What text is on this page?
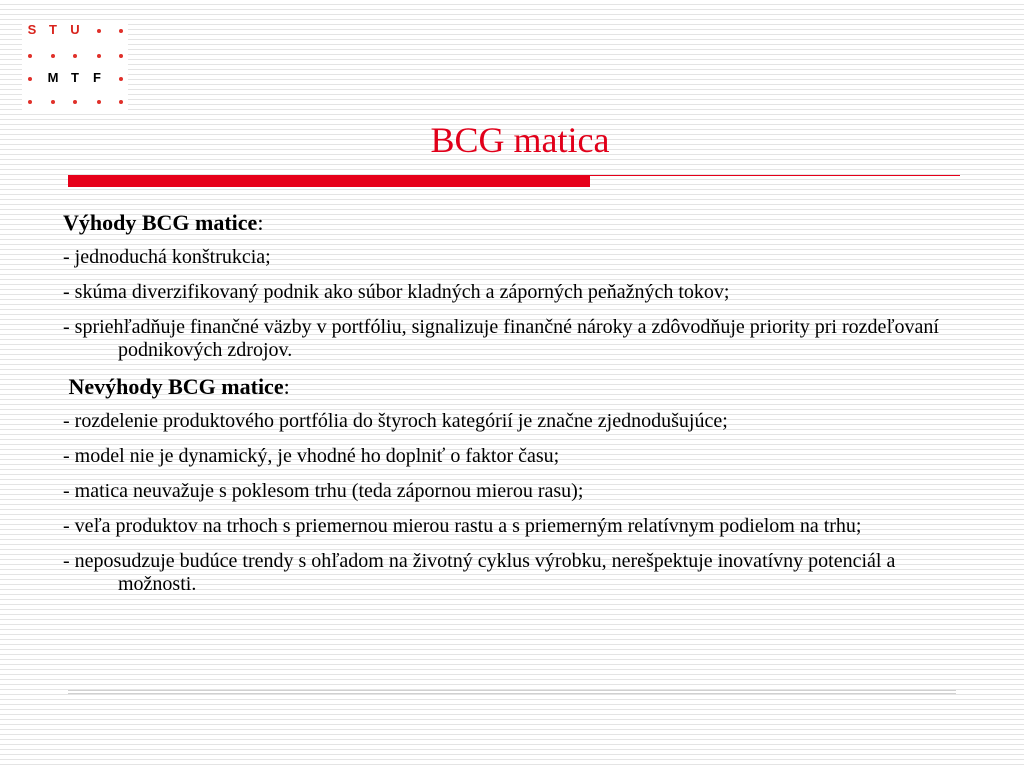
S T	U
M T	F
BCG matica
Výhody BCG matice:
- jednoduchá konštrukcia;
- skúma diverzifikovaný podnik ako súbor kladných a záporných peňažných tokov;
- spriehľadňuje finančné väzby v portfóliu, signalizuje finančné nároky a zdôvodňuje priority pri rozdeľovaní podnikových zdrojov.
Nevýhody BCG matice:
- rozdelenie produktového portfólia do štyroch kategórií je značne zjednodušujúce;
- model nie je dynamický, je vhodné ho doplniť o faktor času;
- matica neuvažuje s poklesom trhu (teda zápornou mierou rasu);
- veľa produktov na trhoch s priemernou mierou rastu a s priemerným relatívnym podielom na trhu;
- neposudzuje budúce trendy s ohľadom na životný cyklus výrobku, nerešpektuje inovatívny potenciál a možnosti.
